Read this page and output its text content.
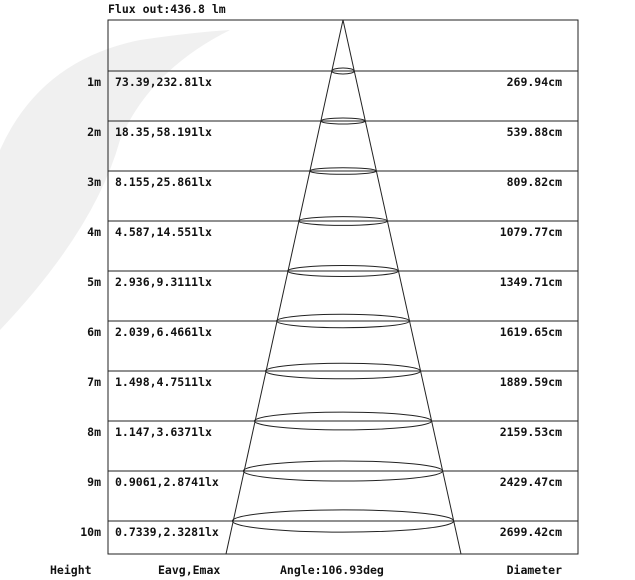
1m 73.39,232.81lx	269.94cm
2m 18.35,58.191lx	539.88cm
3m 8.155,25.861lx	809.82cm
4m 4.587,14.551lx	1079.77cm
5m 2.936,9.3111lx	1349.71cm
6m 2.039,6.4661lx	1619.65cm
7m 1.498,4.7511lx	1889.59cm
8m 1.147,3.6371lx	2159.53cm
9m 0.9061,2.8741lx	2429.47cm
10m 0.7339,2.3281lx	2699.42cm
Flux out:436.8 lm
Height	Eavg,Emax	Angle:106.93deg	Diameter
